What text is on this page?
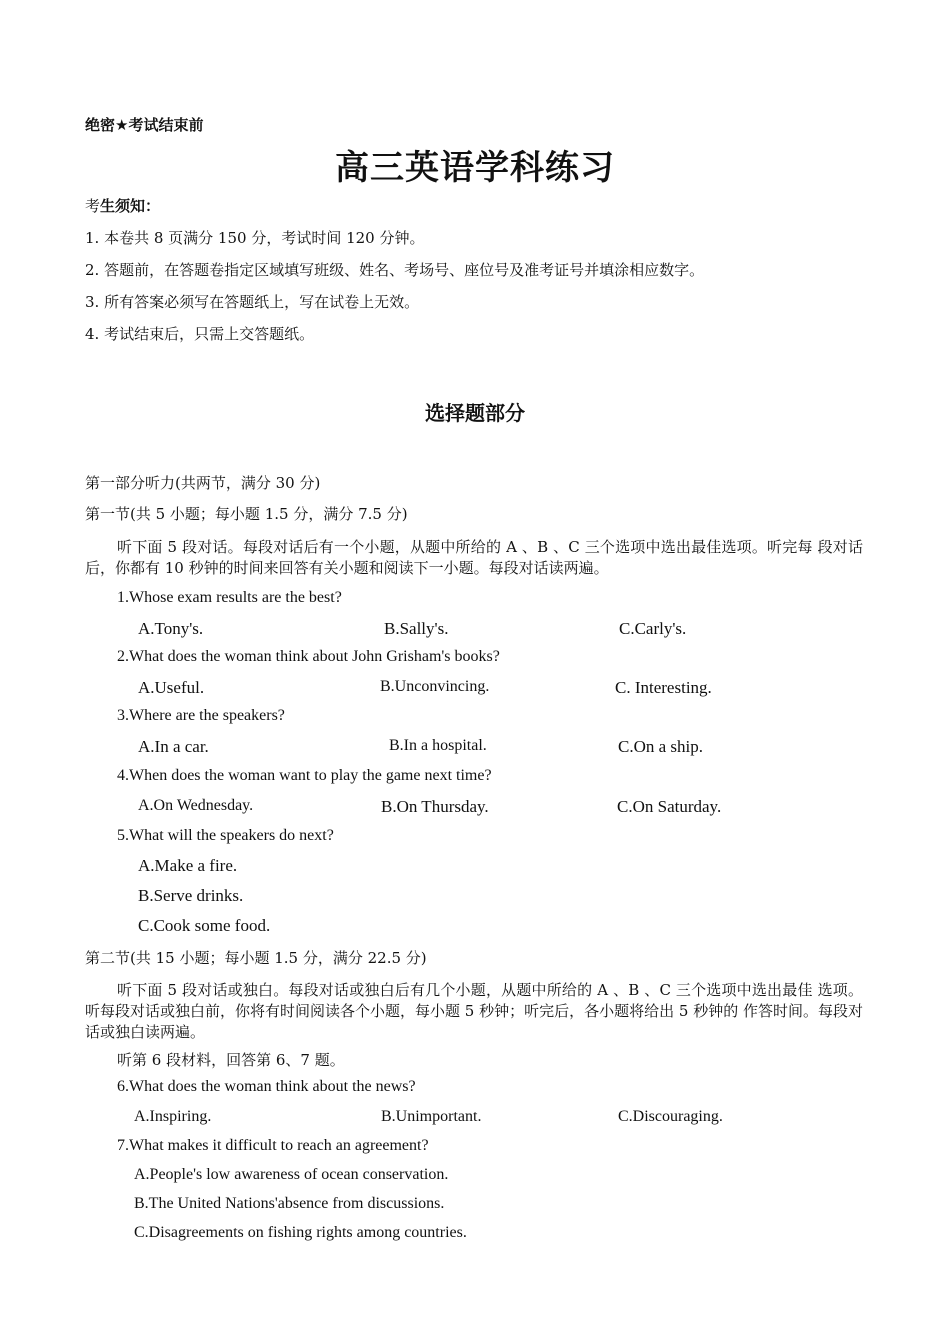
绝密★考试结束前
高三英语学科练习
考生须知：
1. 本卷共 8 页满分 150 分，考试时间 120 分钟。
2. 答题前，在答题卷指定区域填写班级、姓名、考场号、座位号及准考证号并填涂相应数字。
3. 所有答案必须写在答题纸上，写在试卷上无效。
4. 考试结束后，只需上交答题纸。
选择题部分
第一部分听力(共两节，满分 30 分)
第一节(共 5 小题；每小题 1.5 分，满分 7.5 分)
听下面 5 段对话。每段对话后有一个小题，从题中所给的 A 、B 、C 三个选项中选出最佳选项。听完每 段对话后，你都有 10 秒钟的时间来回答有关小题和阅读下一小题。每段对话读两遍。
1.Whose exam results are the best?
A.Tony's.	B.Sally's.	C.Carly's.
2.What does the woman think about John Grisham's books?
A.Useful.	B.Unconvincing.	C. Interesting.
3.Where are the speakers?
A.In a car.	B.In a hospital.	C.On a ship.
4.When does the woman want to play the game next time?
A.On Wednesday.	B.On Thursday.	C.On Saturday.
5.What will the speakers do next?
A.Make a fire.
B.Serve drinks.
C.Cook some food.
第二节(共 15 小题；每小题 1.5 分，满分 22.5 分)
听下面 5 段对话或独白。每段对话或独白后有几个小题，从题中所给的 A 、B 、C 三个选项中选出最佳 选项。听每段对话或独白前，你将有时间阅读各个小题，每小题 5 秒钟；听完后，各小题将给出 5 秒钟的 作答时间。每段对话或独白读两遍。
听第 6 段材料，回答第 6、7 题。
6.What does the woman think about the news?
A.Inspiring.	B.Unimportant.	C.Discouraging.
7.What makes it difficult to reach an agreement?
A.People's low awareness of ocean conservation.
B.The United Nations'absence from discussions.
C.Disagreements on fishing rights among countries.
